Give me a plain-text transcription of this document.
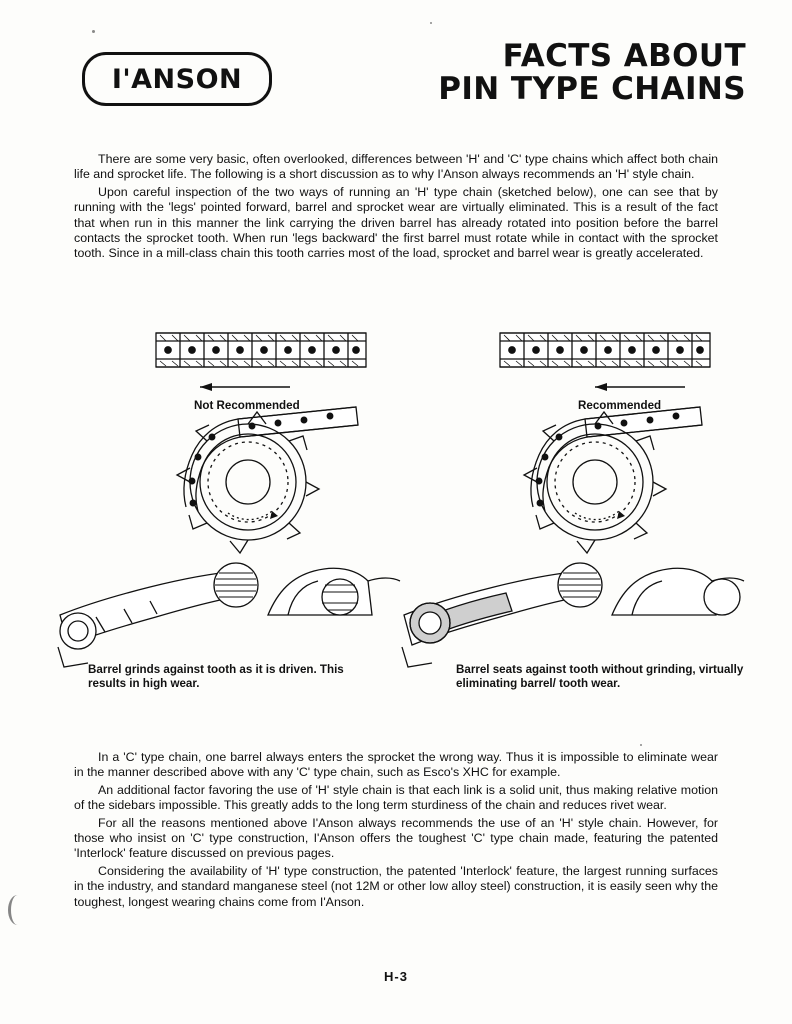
I'ANSON
FACTS ABOUT
PIN TYPE CHAINS

There are some very basic, often overlooked, differences between 'H' and 'C' type chains which affect both chain life and sprocket life. The following is a short discussion as to why I'Anson always recommends an 'H' style chain.

Upon careful inspection of the two ways of running an 'H' type chain (sketched below), one can see that by running with the 'legs' pointed forward, barrel and sprocket wear are virtually eliminated. This is a result of the fact that when run in this manner the link carrying the driven barrel has already rotated into position before the barrel contacts the sprocket tooth. When run 'legs backward' the first barrel must rotate while in contact with the sprocket tooth. Since in a mill-class chain this tooth carries most of the load, sprocket and barrel wear is greatly accelerated.

Not Recommended	Recommended
Barrel grinds against tooth as it is driven. This results in high wear.
Barrel seats against tooth without grinding, virtually eliminating barrel/ tooth wear.

In a 'C' type chain, one barrel always enters the sprocket the wrong way. Thus it is impossible to eliminate wear in the manner described above with any 'C' type chain, such as Esco's XHC for example.

An additional factor favoring the use of 'H' style chain is that each link is a solid unit, thus making relative motion of the sidebars impossible. This greatly adds to the long term sturdiness of the chain and reduces rivet wear.

For all the reasons mentioned above I'Anson always recommends the use of an 'H' style chain. However, for those who insist on 'C' type construction, I'Anson offers the toughest 'C' type chain made, featuring the patented 'Interlock' feature discussed on previous pages.

Considering the availability of 'H' type construction, the patented 'Interlock' feature, the largest running surfaces in the industry, and standard manganese steel (not 12M or other low alloy steel) construction, it is easily seen why the toughest, longest wearing chains come from I'Anson.

H-3
